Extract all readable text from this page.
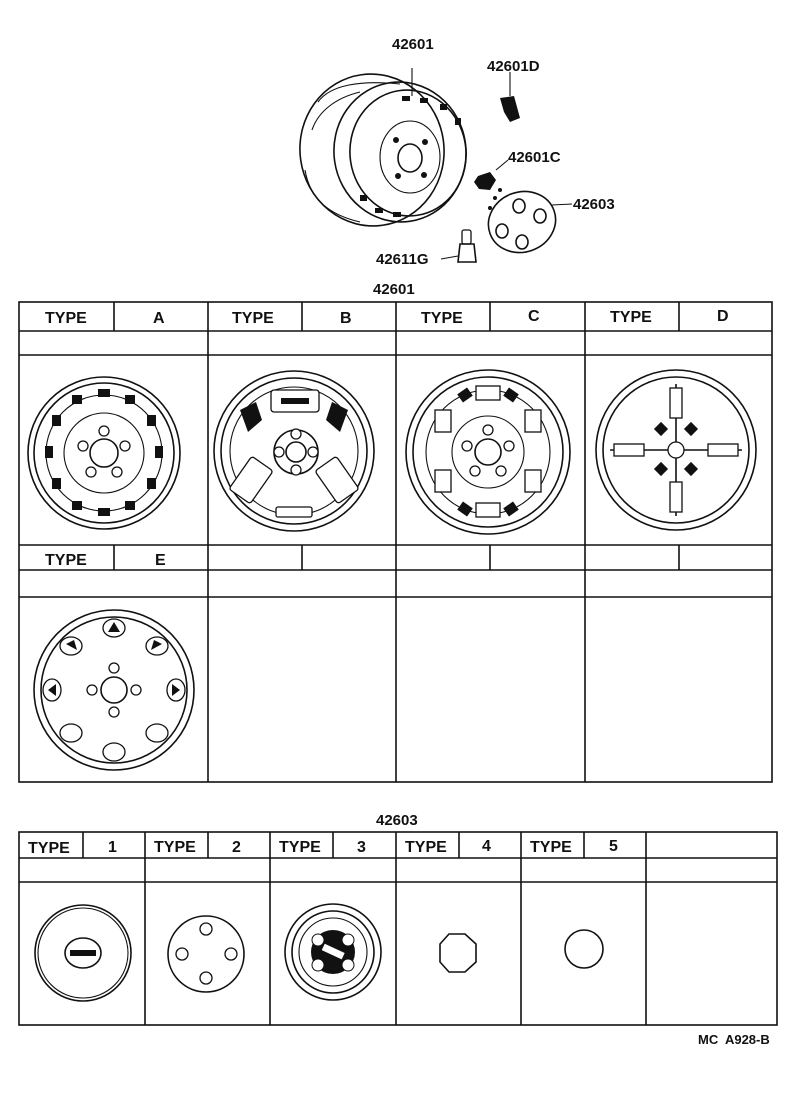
42601
42601D
42601C
42603
42611G
42601
TYPE	A	TYPE	B	TYPE	C	TYPE	D
TYPE	E
42603
TYPE 1 TYPE 2 TYPE 3 TYPE 4 TYPE 5
MC  A928-B
